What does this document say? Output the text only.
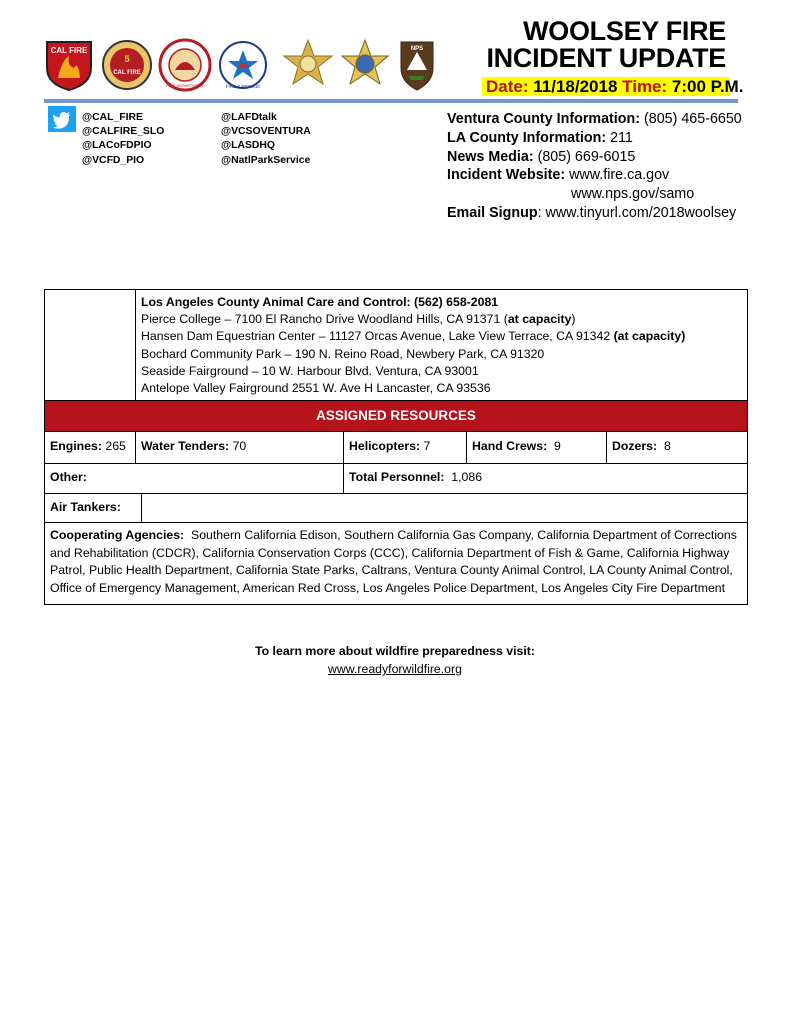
CAL FIRE
5
CAL FIRE
FIRE DEPARTMENT	FIRE & RESCUE
NPS
WOOLSEY FIRE
INCIDENT UPDATE
Date: 11/18/2018 Time: 7:00 P.M.
@CAL_FIRE
@CALFIRE_SLO
@LACoFDPIO
@VCFD_PIO
@LAFDtalk
@VCSOVENTURA
@LASDHQ
@NatlParkService
Ventura County Information: (805) 465-6650
LA County Information: 211
News Media: (805) 669-6015
Incident Website: www.fire.ca.gov
www.nps.gov/samo
Email Signup: www.tinyurl.com/2018woolsey
Los Angeles County Animal Care and Control: (562) 658-2081
Pierce College – 7100 El Rancho Drive Woodland Hills, CA 91371 (at capacity)
Hansen Dam Equestrian Center – 11127 Orcas Avenue, Lake View Terrace, CA 91342 (at capacity)
Bochard Community Park – 190 N. Reino Road, Newbery Park, CA 91320
Seaside Fairground – 10 W. Harbour Blvd. Ventura, CA 93001
Antelope Valley Fairground 2551 W. Ave H Lancaster, CA 93536
ASSIGNED RESOURCES
Engines: 265	Water Tenders: 70	Helicopters: 7	Hand Crews:  9	Dozers:  8
Other:	Total Personnel:  1,086
Air Tankers:
Cooperating Agencies:  Southern California Edison, Southern California Gas Company, California Department of Corrections and Rehabilitation (CDCR), California Conservation Corps (CCC), California Department of Fish & Game, California Highway Patrol, Public Health Department, California State Parks, Caltrans, Ventura County Animal Control, LA County Animal Control, Office of Emergency Management, American Red Cross, Los Angeles Police Department, Los Angeles City Fire Department
To learn more about wildfire preparedness visit:
www.readyforwildfire.org
